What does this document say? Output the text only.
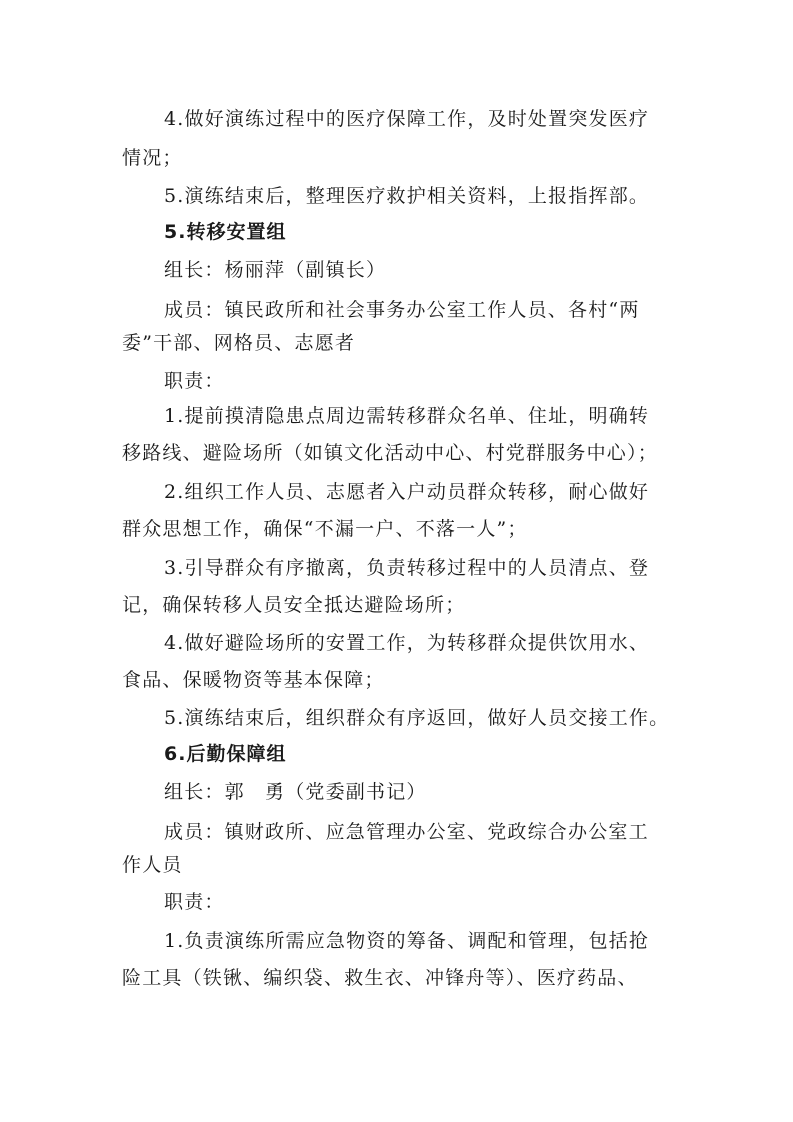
4.做好演练过程中的医疗保障工作，及时处置突发医疗
情况；
5.演练结束后，整理医疗救护相关资料，上报指挥部。
5.转移安置组
组长：杨丽萍（副镇长）
成员：镇民政所和社会事务办公室工作人员、各村“两
委”干部、网格员、志愿者
职责：
1.提前摸清隐患点周边需转移群众名单、住址，明确转
移路线、避险场所（如镇文化活动中心、村党群服务中心）；
2.组织工作人员、志愿者入户动员群众转移，耐心做好
群众思想工作，确保“不漏一户、不落一人”；
3.引导群众有序撤离，负责转移过程中的人员清点、登
记，确保转移人员安全抵达避险场所；
4.做好避险场所的安置工作，为转移群众提供饮用水、
食品、保暖物资等基本保障；
5.演练结束后，组织群众有序返回，做好人员交接工作。
6.后勤保障组
组长：郭　勇（党委副书记）
成员：镇财政所、应急管理办公室、党政综合办公室工
作人员
职责：
1.负责演练所需应急物资的筹备、调配和管理，包括抢
险工具（铁锹、编织袋、救生衣、冲锋舟等）、医疗药品、
